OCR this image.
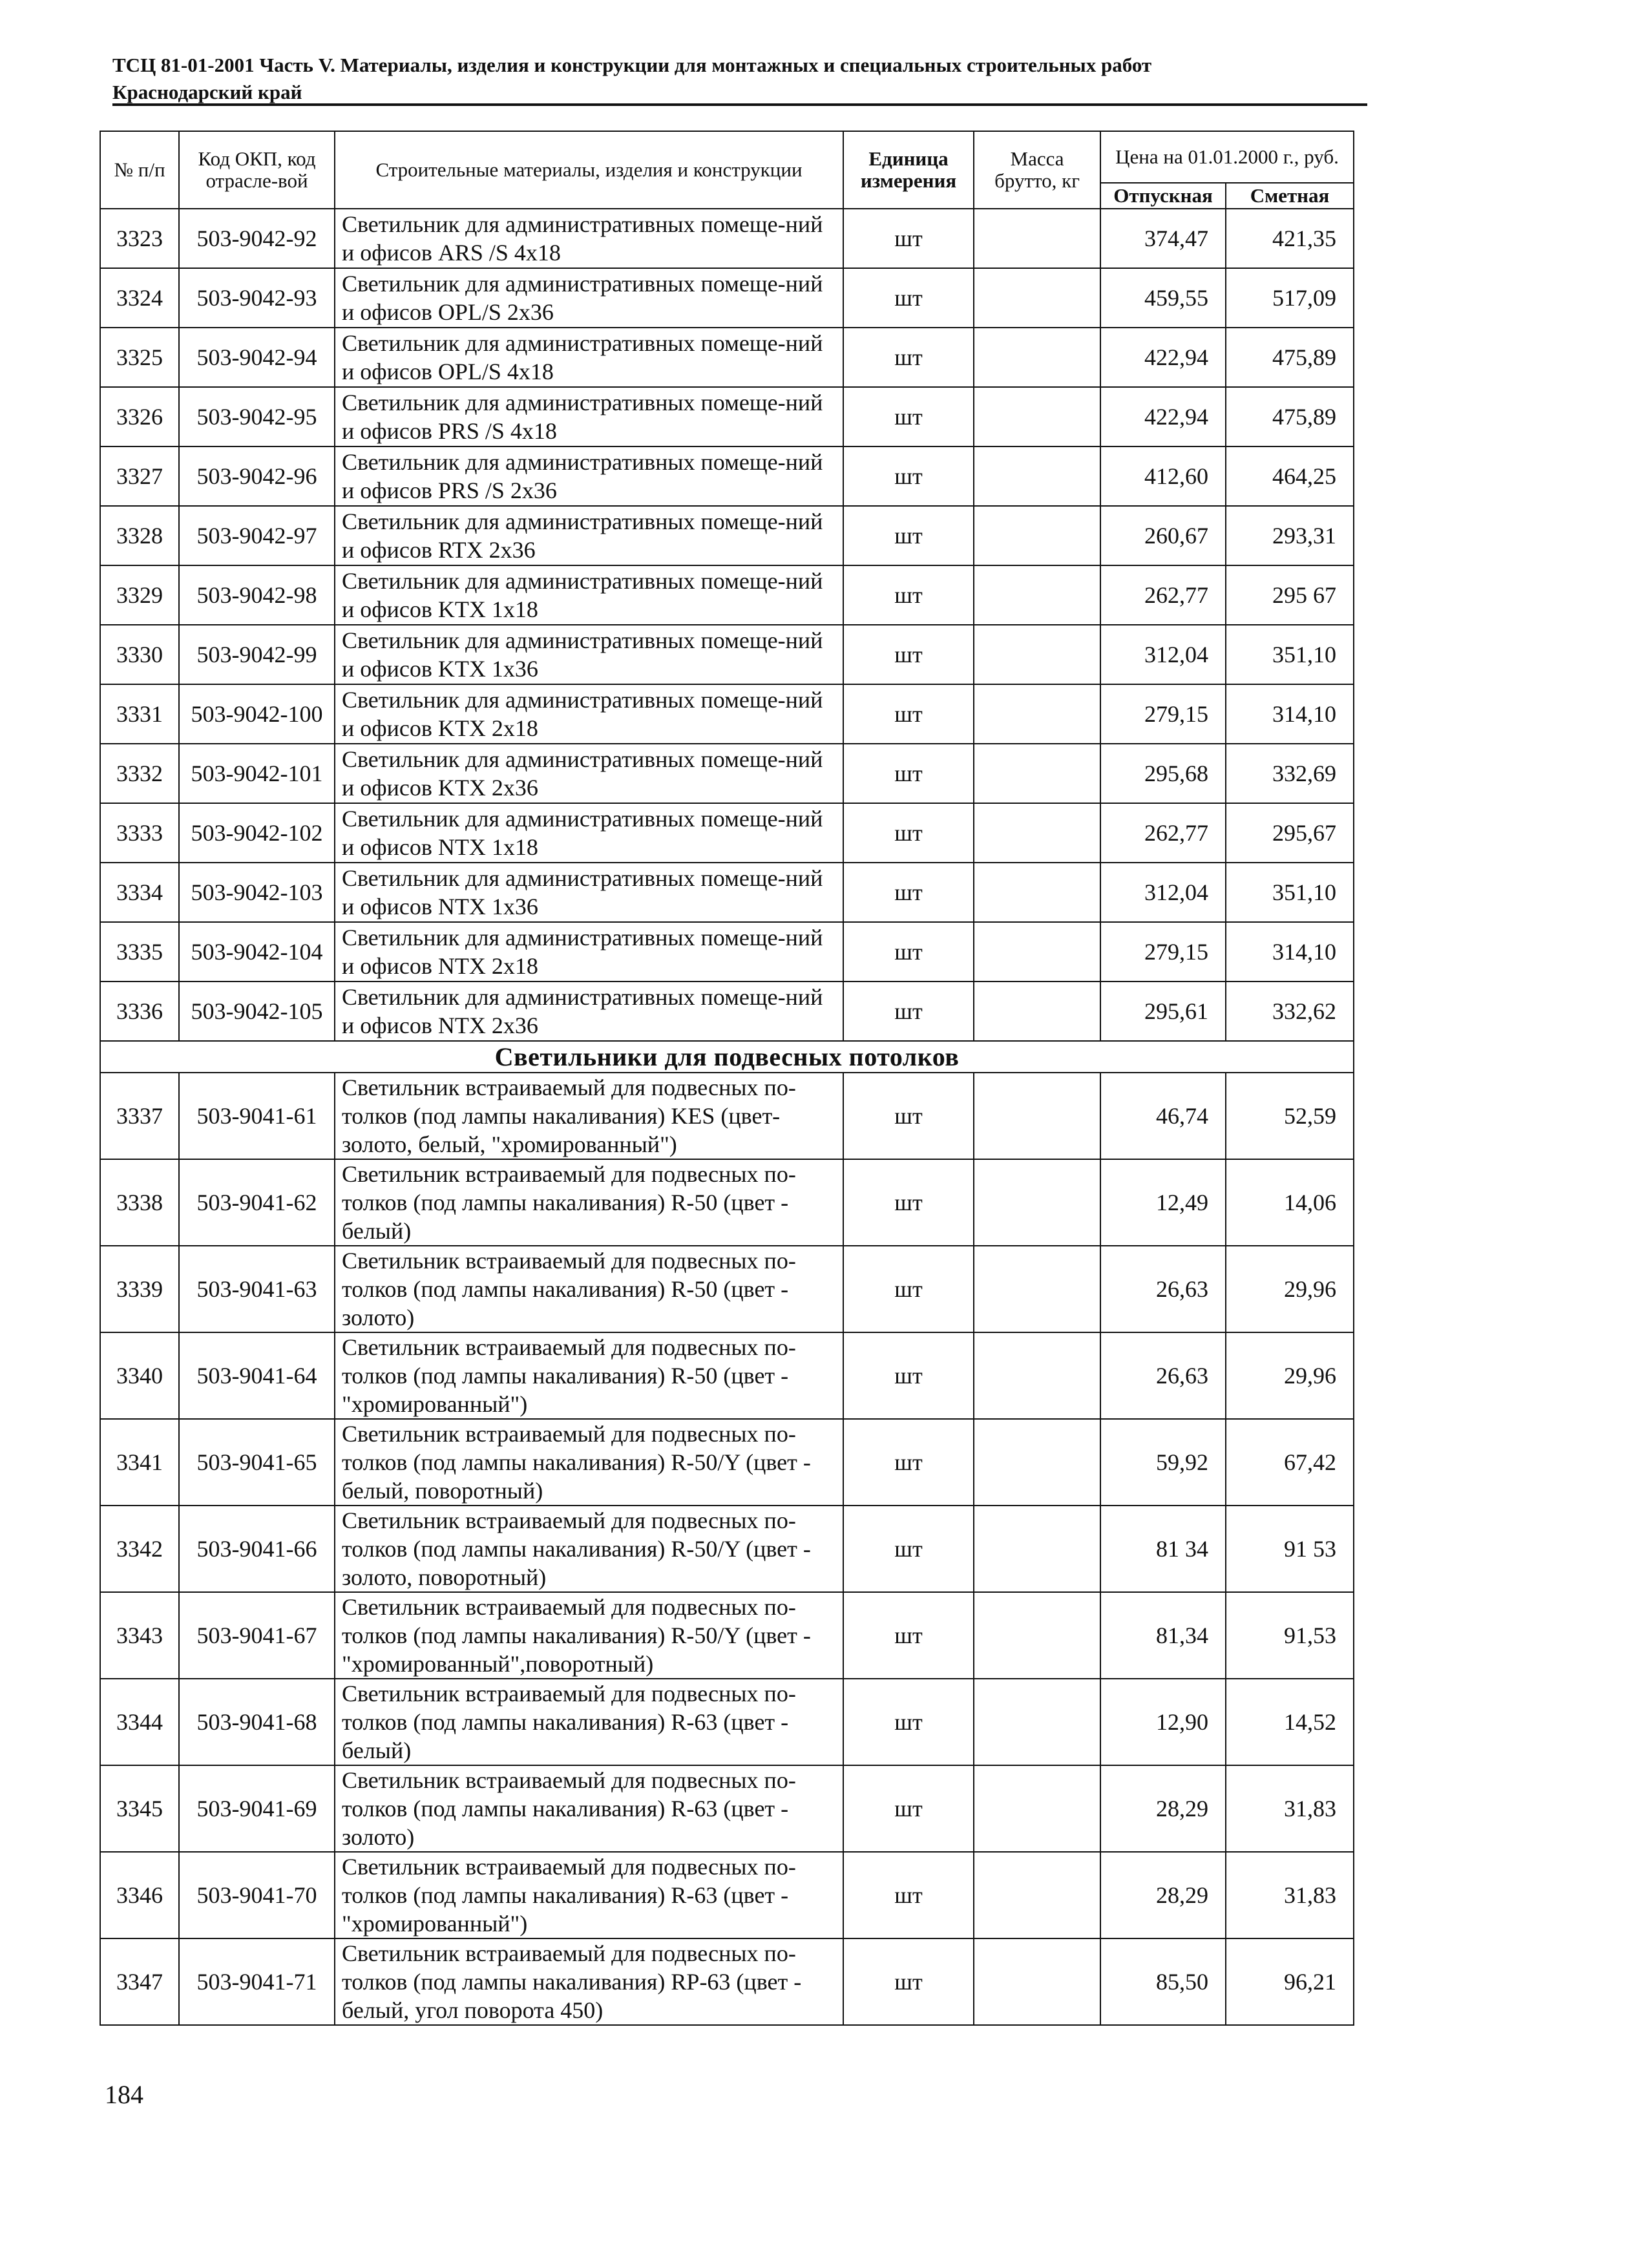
ТСЦ 81-01-2001 Часть V. Материалы, изделия и конструкции для монтажных и специальных строительных работ
Краснодарский край
№ п/п	Код ОКП, код отрасле-вой	Строительные материалы, изделия и конструкции	Единица измерения	Масса брутто, кг	Цена на 01.01.2000 г., руб.	
					Отпускная	Сметная
3323	503-9042-92	Светильник для административных помеще-ний и офисов ARS /S 4x18	шт		374,47	421,35
3324	503-9042-93	Светильник для административных помеще-ний и офисов OPL/S 2x36	шт		459,55	517,09
3325	503-9042-94	Светильник для административных помеще-ний и офисов OPL/S 4x18	шт		422,94	475,89
3326	503-9042-95	Светильник для административных помеще-ний и офисов PRS /S 4x18	шт		422,94	475,89
3327	503-9042-96	Светильник для административных помеще-ний и офисов PRS /S 2x36	шт		412,60	464,25
3328	503-9042-97	Светильник для административных помеще-ний и офисов RTX 2x36	шт		260,67	293,31
3329	503-9042-98	Светильник для административных помеще-ний и офисов KTX 1x18	шт		262,77	295 67
3330	503-9042-99	Светильник для административных помеще-ний и офисов KTX 1x36	шт		312,04	351,10
3331	503-9042-100	Светильник для административных помеще-ний и офисов KTX 2x18	шт		279,15	314,10
3332	503-9042-101	Светильник для административных помеще-ний и офисов KTX 2x36	шт		295,68	332,69
3333	503-9042-102	Светильник для административных помеще-ний и офисов NTX 1x18	шт		262,77	295,67
3334	503-9042-103	Светильник для административных помеще-ний и офисов NTX 1x36	шт		312,04	351,10
3335	503-9042-104	Светильник для административных помеще-ний и офисов NTX 2x18	шт		279,15	314,10
3336	503-9042-105	Светильник для административных помеще-ний и офисов NTX 2x36	шт		295,61	332,62
Светильники для подвесных потолков						
3337	503-9041-61	Светильник встраиваемый для подвесных по-толков (под лампы накаливания) KES (цвет-золото, белый, "хромированный")	шт		46,74	52,59
3338	503-9041-62	Светильник встраиваемый для подвесных по-толков (под лампы накаливания) R-50 (цвет - белый)	шт		12,49	14,06
3339	503-9041-63	Светильник встраиваемый для подвесных по-толков (под лампы накаливания) R-50 (цвет - золото)	шт		26,63	29,96
3340	503-9041-64	Светильник встраиваемый для подвесных по-толков (под лампы накаливания) R-50 (цвет - "хромированный")	шт		26,63	29,96
3341	503-9041-65	Светильник встраиваемый для подвесных по-толков (под лампы накаливания) R-50/Y (цвет - белый, поворотный)	шт		59,92	67,42
3342	503-9041-66	Светильник встраиваемый для подвесных по-толков (под лампы накаливания) R-50/Y (цвет - золото, поворотный)	шт		81 34	91 53
3343	503-9041-67	Светильник встраиваемый для подвесных по-толков (под лампы накаливания) R-50/Y (цвет - "хромированный",поворотный)	шт		81,34	91,53
3344	503-9041-68	Светильник встраиваемый для подвесных по-толков (под лампы накаливания) R-63 (цвет - белый)	шт		12,90	14,52
3345	503-9041-69	Светильник встраиваемый для подвесных по-толков (под лампы накаливания) R-63 (цвет - золото)	шт		28,29	31,83
3346	503-9041-70	Светильник встраиваемый для подвесных по-толков (под лампы накаливания) R-63 (цвет - "хромированный")	шт		28,29	31,83
3347	503-9041-71	Светильник встраиваемый для подвесных по-толков (под лампы накаливания) RP-63 (цвет - белый, угол поворота 450)	шт		85,50	96,21
184
